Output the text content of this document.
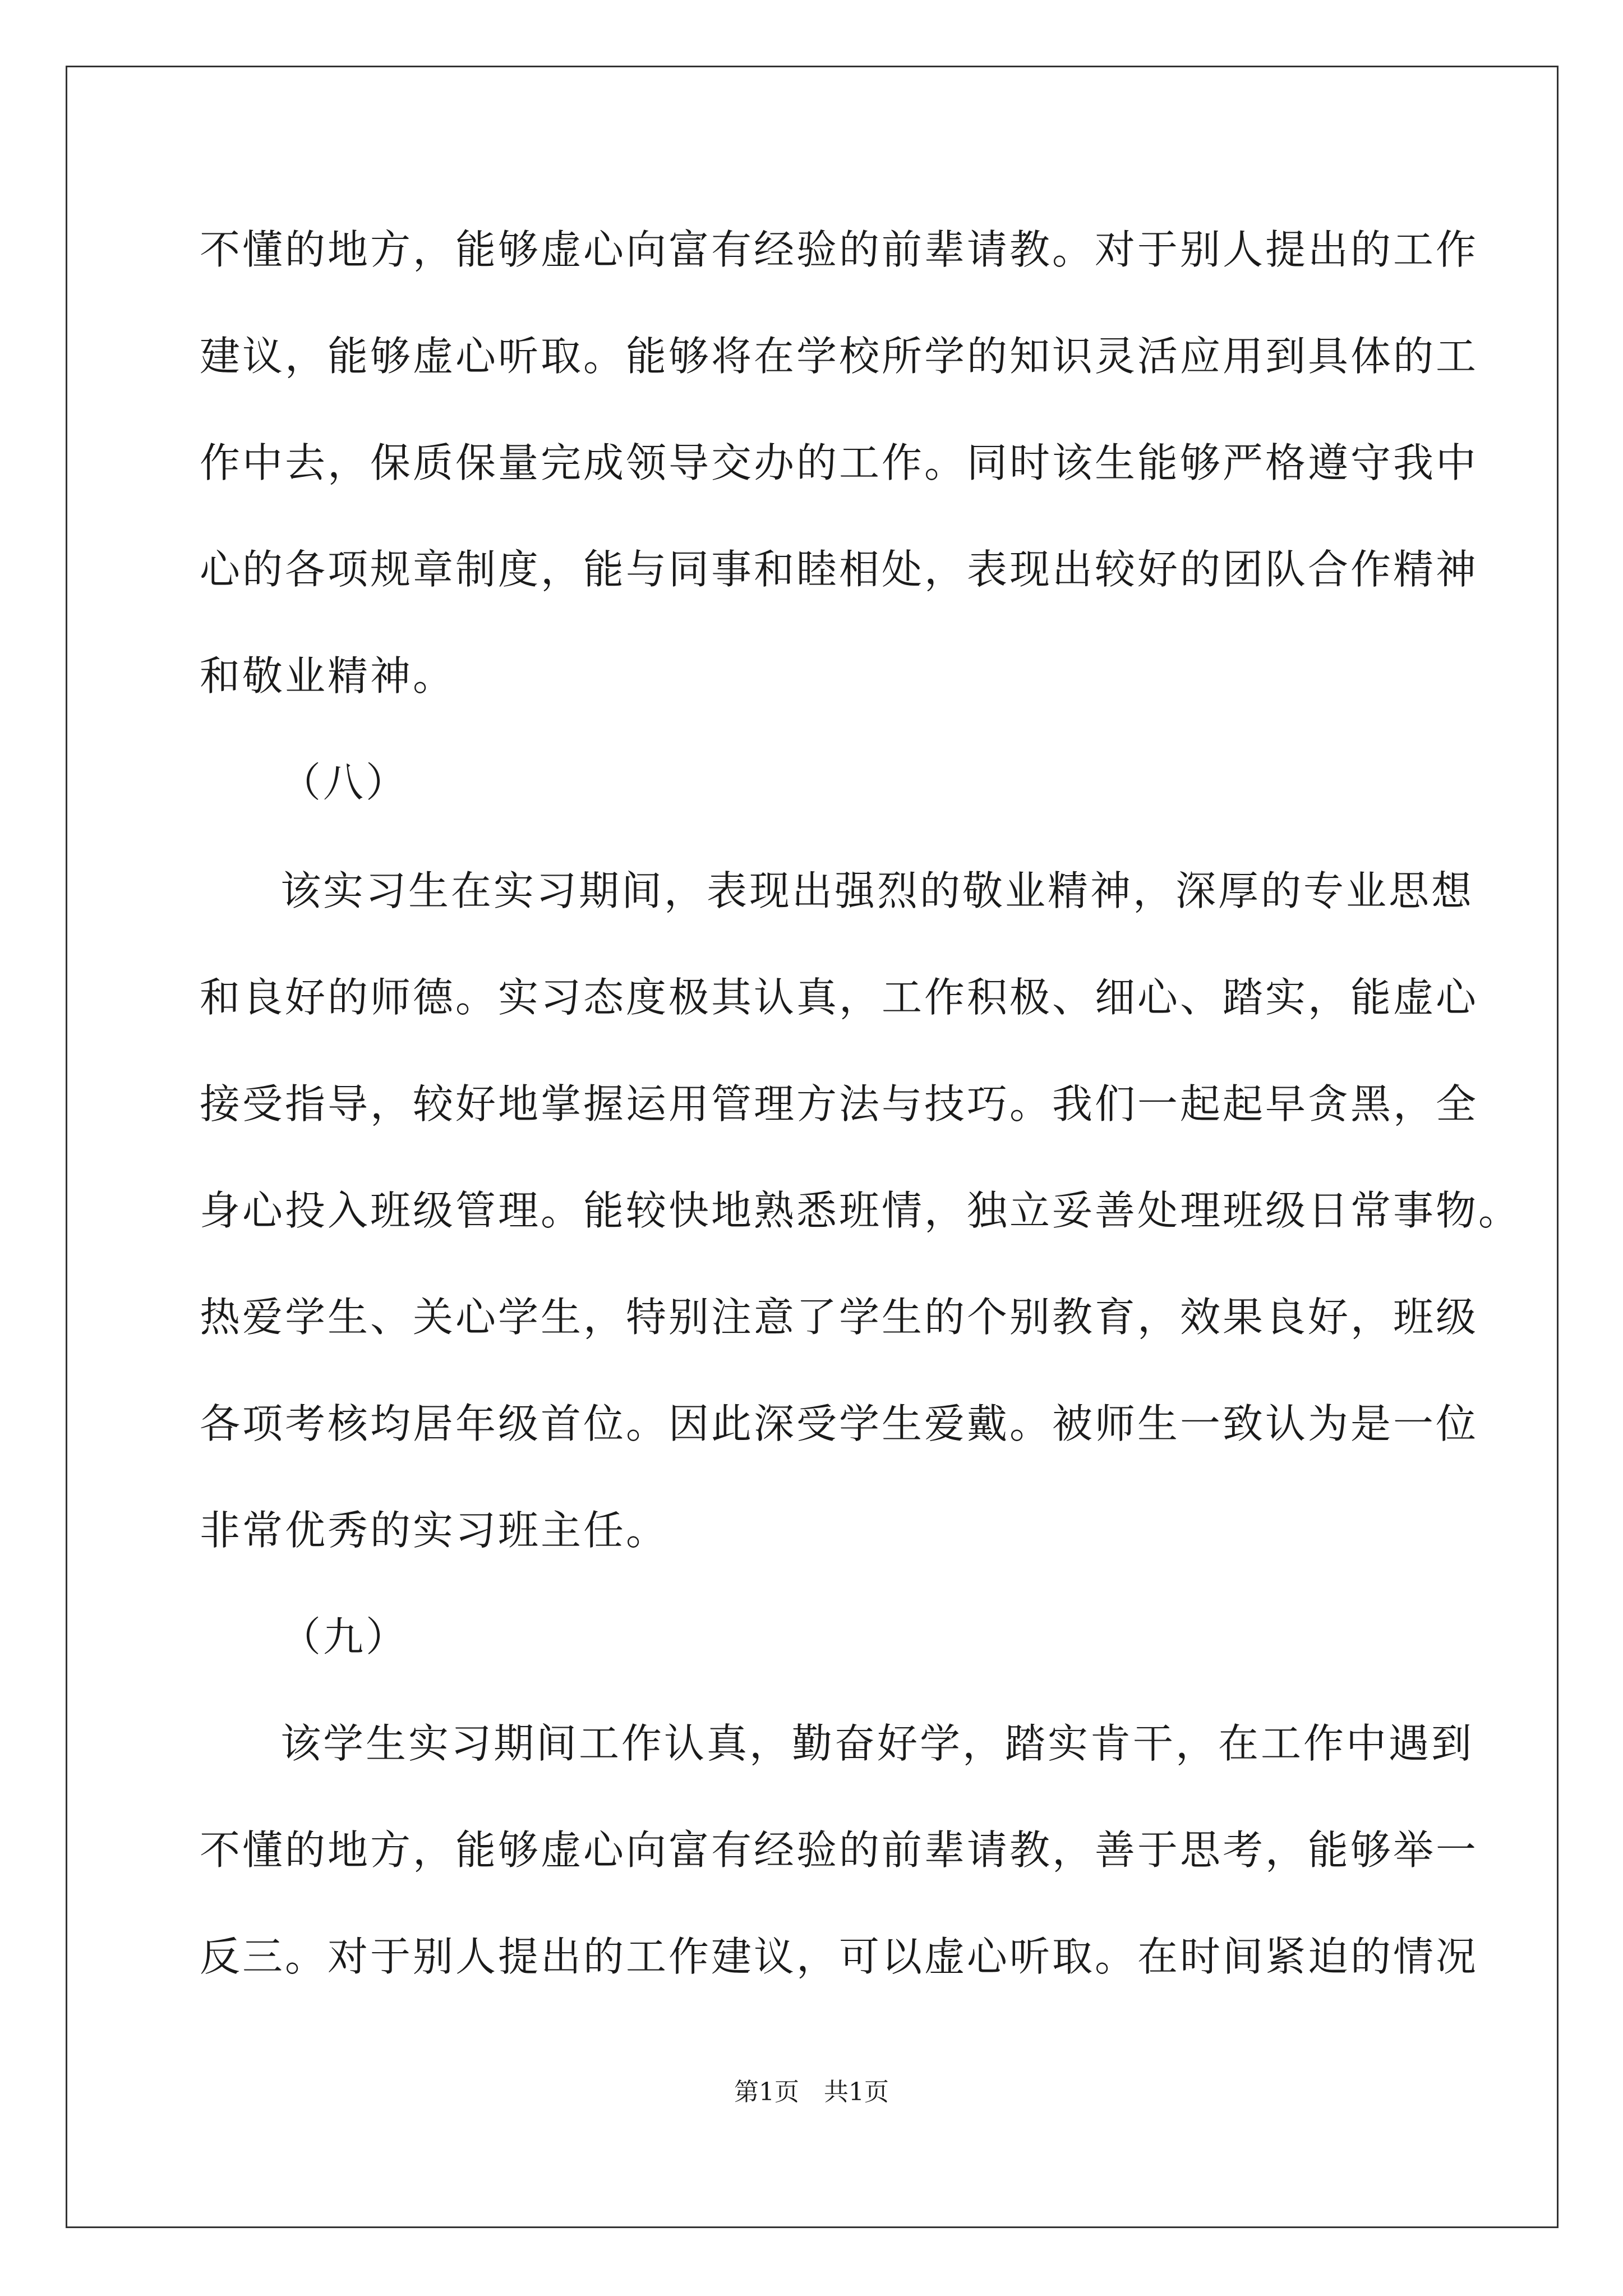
不懂的地方，能够虚心向富有经验的前辈请教。对于别人提出的工作
建议，能够虚心听取。能够将在学校所学的知识灵活应用到具体的工
作中去，保质保量完成领导交办的工作。同时该生能够严格遵守我中
心的各项规章制度，能与同事和睦相处，表现出较好的团队合作精神
和敬业精神。
（八）
该实习生在实习期间，表现出强烈的敬业精神，深厚的专业思想
和良好的师德。实习态度极其认真，工作积极、细心、踏实，能虚心
接受指导，较好地掌握运用管理方法与技巧。我们一起起早贪黑，全
身心投入班级管理。能较快地熟悉班情，独立妥善处理班级日常事物。
热爱学生、关心学生，特别注意了学生的个别教育，效果良好，班级
各项考核均居年级首位。因此深受学生爱戴。被师生一致认为是一位
非常优秀的实习班主任。
（九）
该学生实习期间工作认真，勤奋好学，踏实肯干，在工作中遇到
不懂的地方，能够虚心向富有经验的前辈请教，善于思考，能够举一
反三。对于别人提出的工作建议，可以虚心听取。在时间紧迫的情况
第1页　共1页
